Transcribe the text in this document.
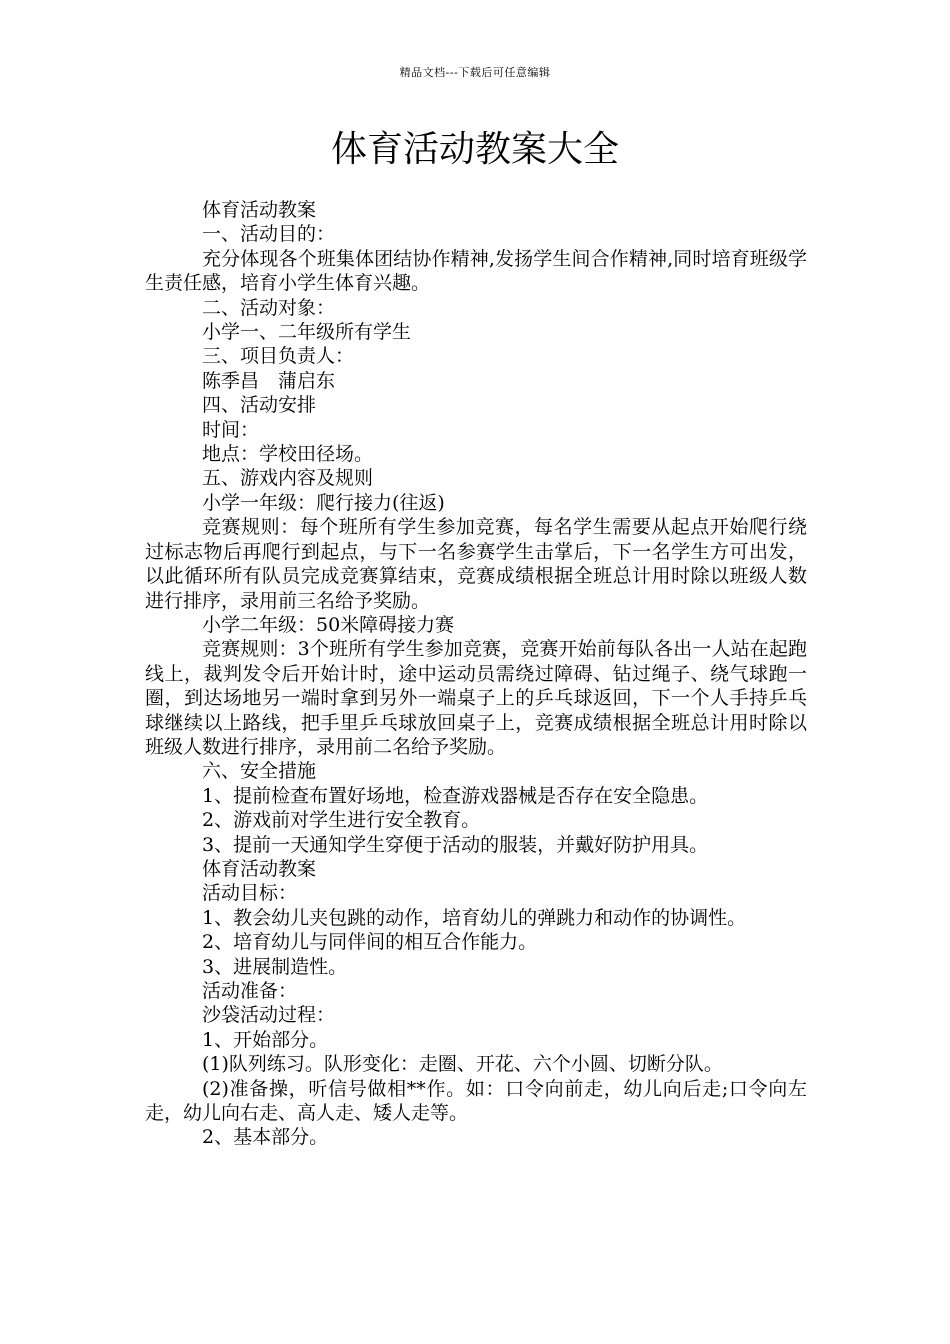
精品文档---下载后可任意编辑
体育活动教案大全

体育活动教案

一、活动目的：

充分体现各个班集体团结协作精神,发扬学生间合作精神,同时培育班级学生责任感，培育小学生体育兴趣。

二、活动对象：

小学一、二年级所有学生

三、项目负责人：

陈季昌　蒲启东

四、活动安排

时间：

地点：学校田径场。

五、游戏内容及规则

小学一年级：爬行接力(往返)

竞赛规则：每个班所有学生参加竞赛，每名学生需要从起点开始爬行绕过标志物后再爬行到起点，与下一名参赛学生击掌后，下一名学生方可出发，以此循环所有队员完成竞赛算结束，竞赛成绩根据全班总计用时除以班级人数进行排序，录用前三名给予奖励。

小学二年级：50米障碍接力赛

竞赛规则：3个班所有学生参加竞赛，竞赛开始前每队各出一人站在起跑线上，裁判发令后开始计时，途中运动员需绕过障碍、钻过绳子、绕气球跑一圈，到达场地另一端时拿到另外一端桌子上的乒乓球返回，下一个人手持乒乓球继续以上路线，把手里乒乓球放回桌子上，竞赛成绩根据全班总计用时除以班级人数进行排序，录用前二名给予奖励。

六、安全措施

1、提前检查布置好场地，检查游戏器械是否存在安全隐患。

2、游戏前对学生进行安全教育。

3、提前一天通知学生穿便于活动的服装，并戴好防护用具。

体育活动教案

活动目标：

1、教会幼儿夹包跳的动作，培育幼儿的弹跳力和动作的协调性。

2、培育幼儿与同伴间的相互合作能力。

3、进展制造性。

活动准备：

沙袋活动过程：

1、开始部分。

(1)队列练习。队形变化：走圈、开花、六个小圆、切断分队。

(2)准备操，听信号做相**作。如：口令向前走，幼儿向后走;口令向左走，幼儿向右走、高人走、矮人走等。

2、基本部分。
